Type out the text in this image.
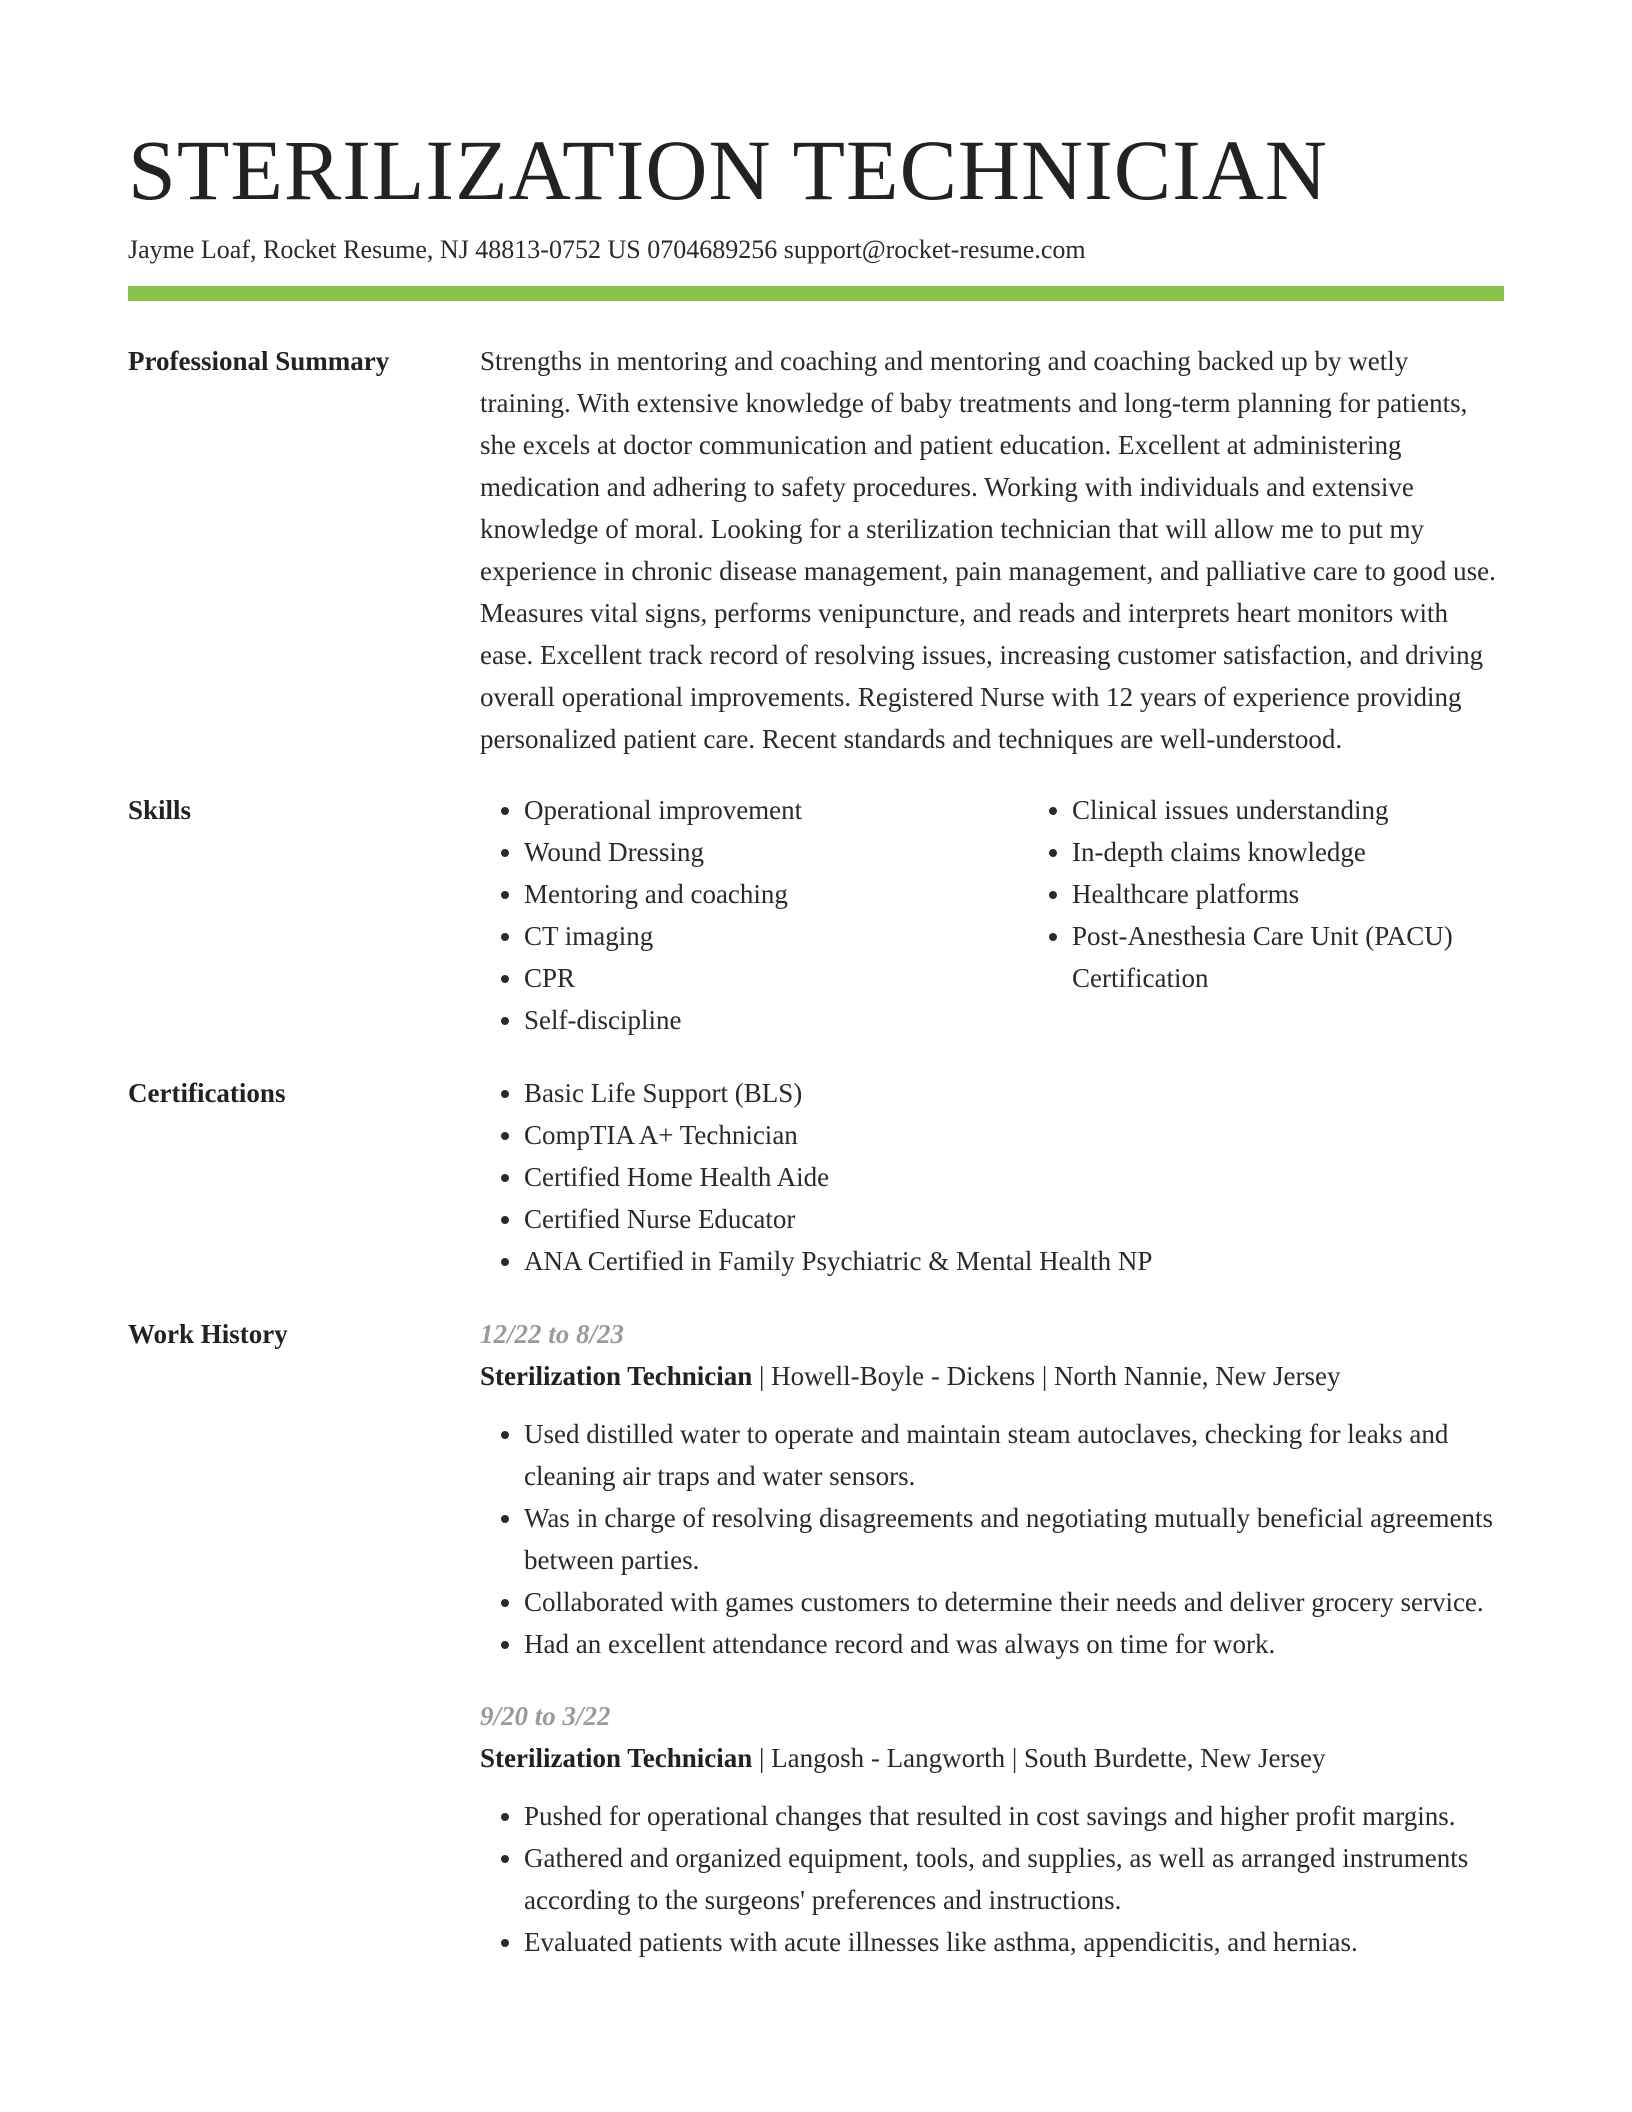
STERILIZATION TECHNICIAN
Jayme Loaf, Rocket Resume, NJ 48813-0752 US 0704689256 support@rocket-resume.com
Professional Summary	Strengths in mentoring and coaching and mentoring and coaching backed up by wetly training. With extensive knowledge of baby treatments and long-term planning for patients, she excels at doctor communication and patient education. Excellent at administering medication and adhering to safety procedures. Working with individuals and extensive knowledge of moral. Looking for a sterilization technician that will allow me to put my experience in chronic disease management, pain management, and palliative care to good use. Measures vital signs, performs venipuncture, and reads and interprets heart monitors with ease. Excellent track record of resolving issues, increasing customer satisfaction, and driving overall operational improvements. Registered Nurse with 12 years of experience providing personalized patient care. Recent standards and techniques are well-understood.

Skills	• Operational improvement
• Wound Dressing
• Mentoring and coaching
• CT imaging
• CPR
• Self-discipline
• Clinical issues understanding
• In-depth claims knowledge
• Healthcare platforms
• Post-Anesthesia Care Unit (PACU) Certification
Certifications	• Basic Life Support (BLS)
• CompTIA A+ Technician
• Certified Home Health Aide
• Certified Nurse Educator
• ANA Certified in Family Psychiatric & Mental Health NP
Work History	12/22 to 8/23
Sterilization Technician | Howell-Boyle - Dickens | North Nannie, New Jersey
• Used distilled water to operate and maintain steam autoclaves, checking for leaks and cleaning air traps and water sensors.
• Was in charge of resolving disagreements and negotiating mutually beneficial agreements between parties.
• Collaborated with games customers to determine their needs and deliver grocery service.
• Had an excellent attendance record and was always on time for work.
9/20 to 3/22
Sterilization Technician | Langosh - Langworth | South Burdette, New Jersey
• Pushed for operational changes that resulted in cost savings and higher profit margins.
• Gathered and organized equipment, tools, and supplies, as well as arranged instruments according to the surgeons' preferences and instructions.
• Evaluated patients with acute illnesses like asthma, appendicitis, and hernias.
